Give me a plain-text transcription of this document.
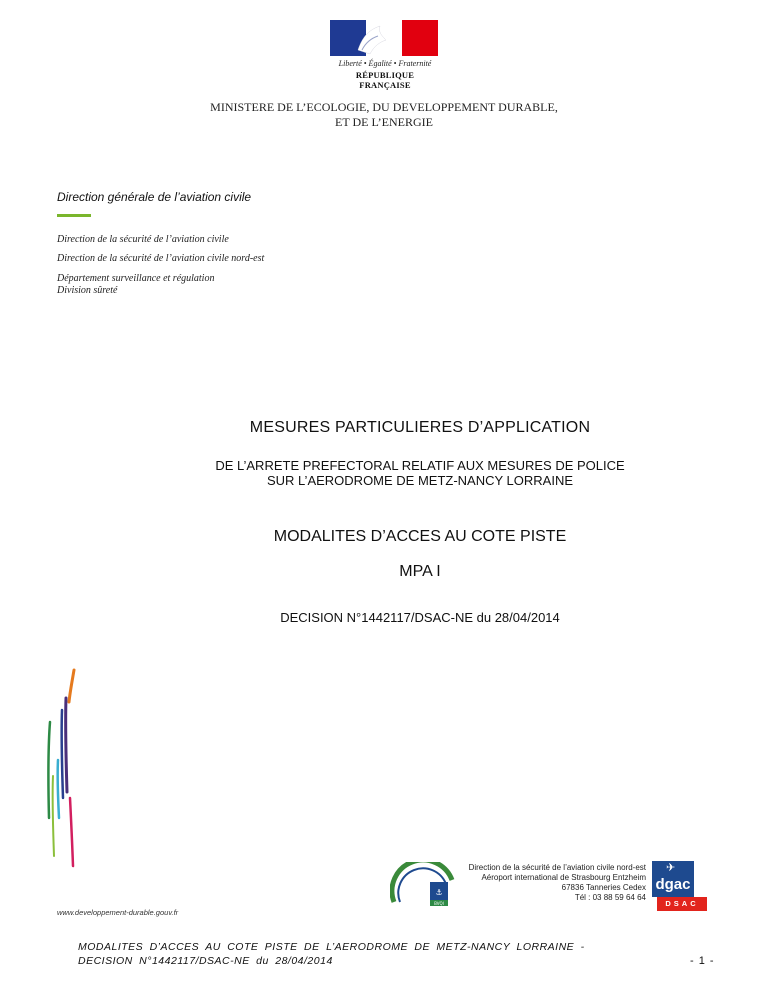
Liberté • Égalité • Fraternité
RÉPUBLIQUE FRANÇAISE
MINISTERE DE L’ECOLOGIE, DU DEVELOPPEMENT DURABLE,
ET DE L’ENERGIE
Direction générale de l’aviation civile
Direction de la sécurité de l’aviation civile
Direction de la sécurité de l’aviation civile nord-est
Département surveillance et régulation
Division sûreté
MESURES PARTICULIERES D’APPLICATION
DE L’ARRETE PREFECTORAL RELATIF AUX MESURES DE POLICE
SUR L’AERODROME DE METZ-NANCY LORRAINE
MODALITES D’ACCES AU COTE PISTE
MPA I
DECISION N°1442117/DSAC-NE du 28/04/2014
⚓
BVQI
Direction de la sécurité de l’aviation civile nord-est
Aéroport international de Strasbourg Entzheim
67836 Tanneries Cedex
Tél : 03 88 59 64 64
dgac
✈
DSAC
www.developpement-durable.gouv.fr
MODALITES D’ACCES AU COTE PISTE DE L’AERODROME DE METZ-NANCY LORRAINE -
DECISION N°1442117/DSAC-NE du 28/04/2014	- 1 -
